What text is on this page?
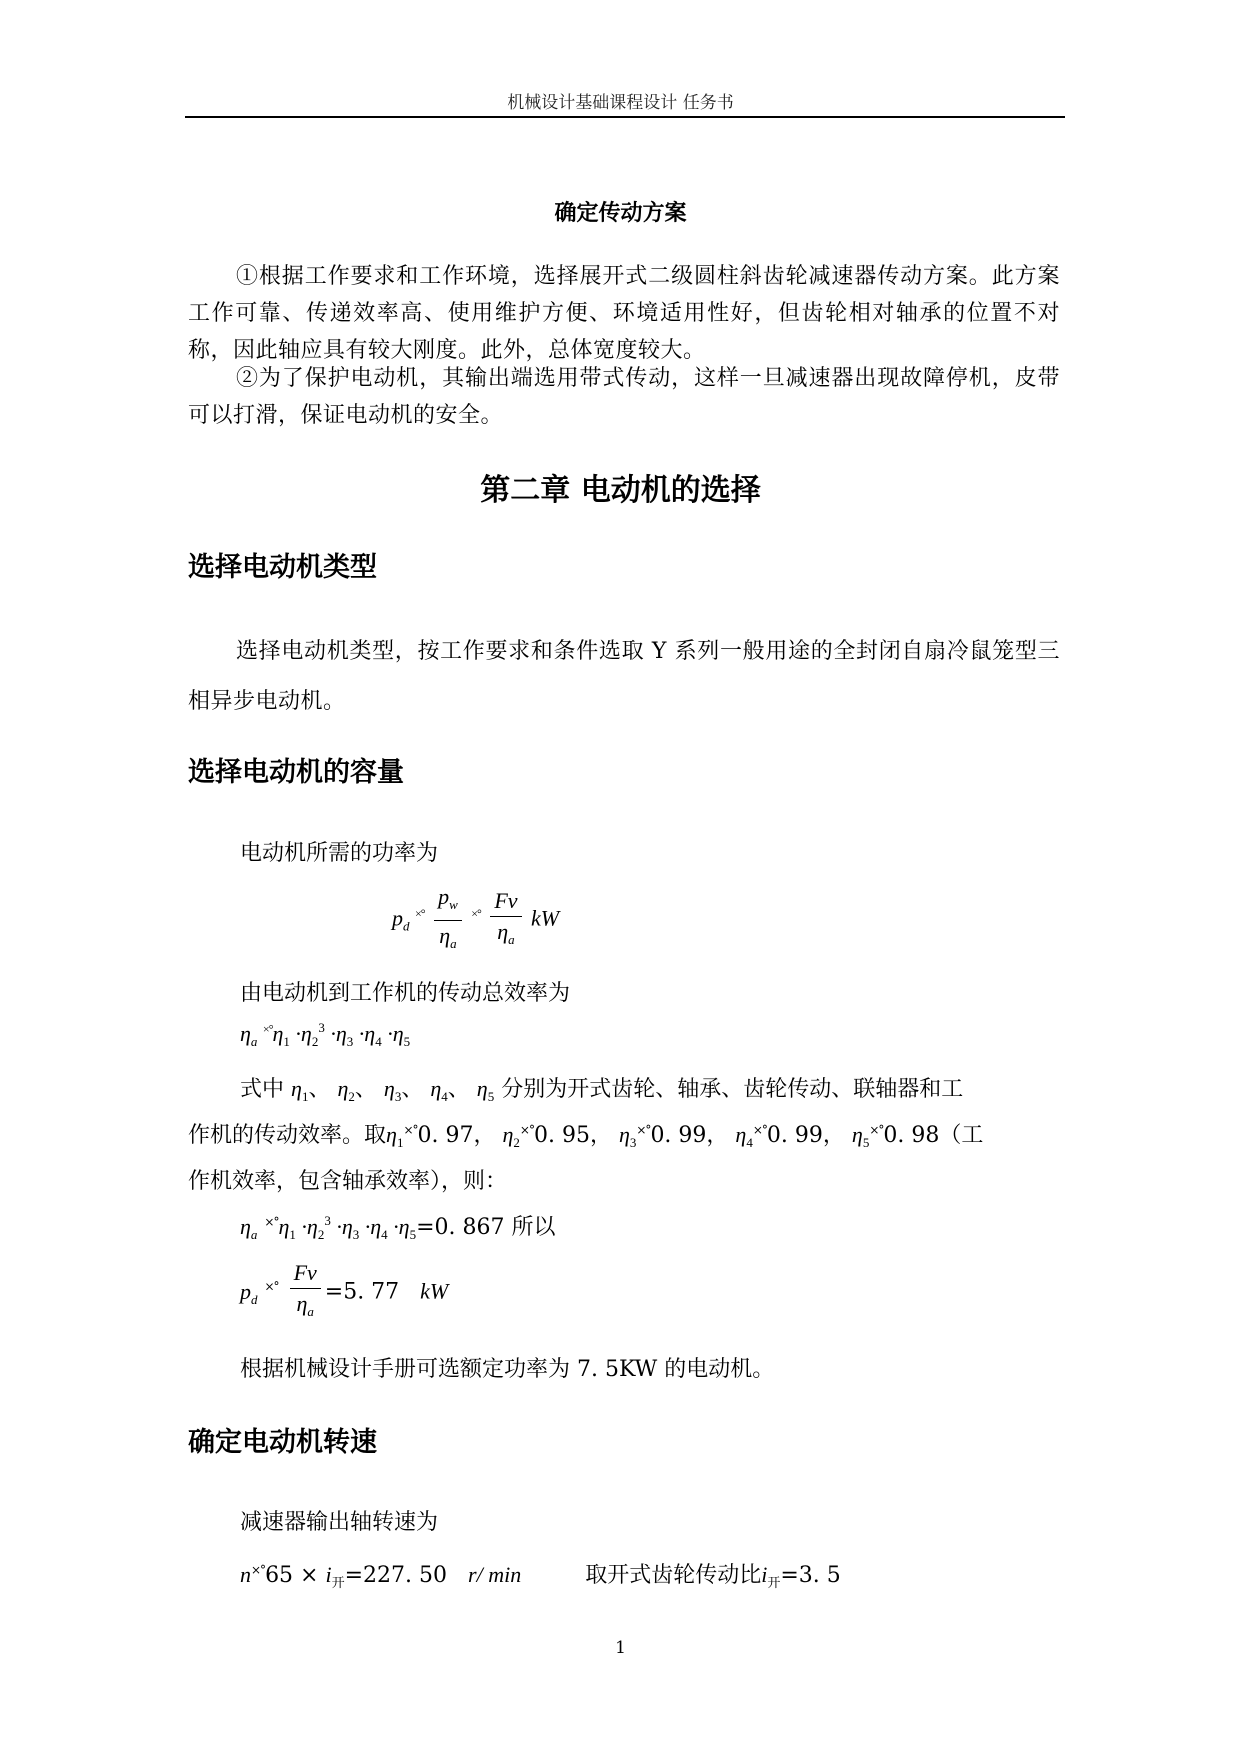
机械设计基础课程设计 任务书
确定传动方案
①根据工作要求和工作环境，选择展开式二级圆柱斜齿轮减速器传动方案。此方案工作可靠、传递效率高、使用维护方便、环境适用性好，但齿轮相对轴承的位置不对称，因此轴应具有较大刚度。此外，总体宽度较大。
②为了保护电动机，其输出端选用带式传动，这样一旦减速器出现故障停机，皮带可以打滑，保证电动机的安全。
第二章 电动机的选择
选择电动机类型
选择电动机类型，按工作要求和条件选取 Y 系列一般用途的全封闭自扇冷鼠笼型三相异步电动机。
选择电动机的容量
电动机所需的功率为
$p_d$ $^{\times^\circ} \frac{p_w}{\eta_a} ^{\times^\circ} \frac{Fv}{\eta_a}$ kW
由电动机到工作机的传动总效率为
$\eta_a$ $^{\times^\circ}\eta_1 \cdot\eta_2^3 \cdot\eta_3 \cdot\eta_4 \cdot\eta_5$
式中 $\eta_1$、 $\eta_2$、 $\eta_3$、 $\eta_4$、 $\eta_5$ 分别为开式齿轮、轴承、齿轮传动、联轴器和工
作机的传动效率。取$\eta_1^{\times^\circ}0$. 97， $\eta_2^{\times^\circ}0$. 95， $\eta_3^{\times^\circ}0$. 99， $\eta_4^{\times^\circ}0$. 99， $\eta_5^{\times^\circ}0$. 98（工
作机效率，包含轴承效率），则：
$\eta_a$ $^{\times^\circ}\eta_1 \cdot\eta_2^3 \cdot\eta_3 \cdot\eta_4 \cdot\eta_5=0$. 867 所以
$p_d$ $^{\times^\circ} \frac{Fv}{\eta_a} =5$. 77 kW
根据机械设计手册可选额定功率为 7. 5KW 的电动机。
确定电动机转速
减速器输出轴转速为
$n^{\times^\circ}65 \times i_开=227$. 50 r/ min	取开式齿轮传动比$i_开=3$. 5
1
